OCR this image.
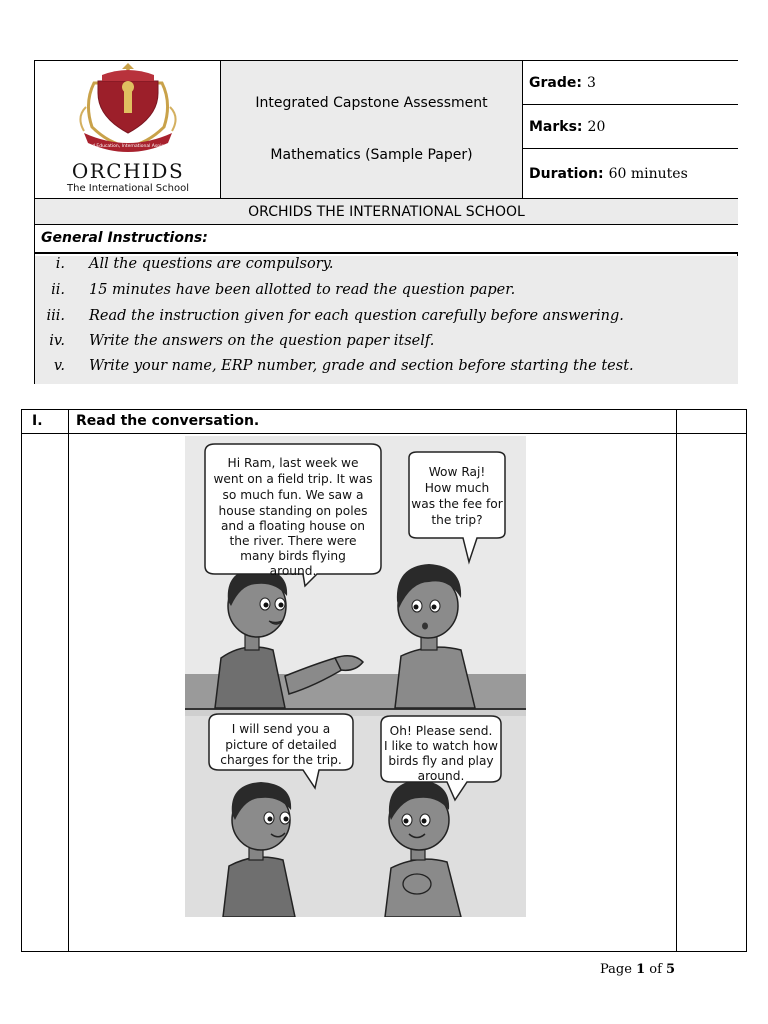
Unified Education, International Aspirations
ORCHIDS
The International School
Integrated Capstone Assessment
Mathematics (Sample Paper)
Grade: 3
Marks: 20
Duration: 60 minutes
ORCHIDS THE INTERNATIONAL SCHOOL
General Instructions:
i. All the questions are compulsory.
ii. 15 minutes have been allotted to read the question paper.
iii. Read the instruction given for each question carefully before answering.
iv. Write the answers on the question paper itself.
v. Write your name, ERP number, grade and section before starting the test.
I. Read the conversation.
Hi Ram, last week we
went on a field trip. It was
so much fun. We saw a
house standing on poles
and a floating house on
the river. There were
many birds flying
around.
Wow Raj!
How much
was the fee for
the trip?
I will send you a
picture of detailed
charges for the trip.
Oh! Please send.
I like to watch how
birds fly and play
around.
Page 1 of 5
